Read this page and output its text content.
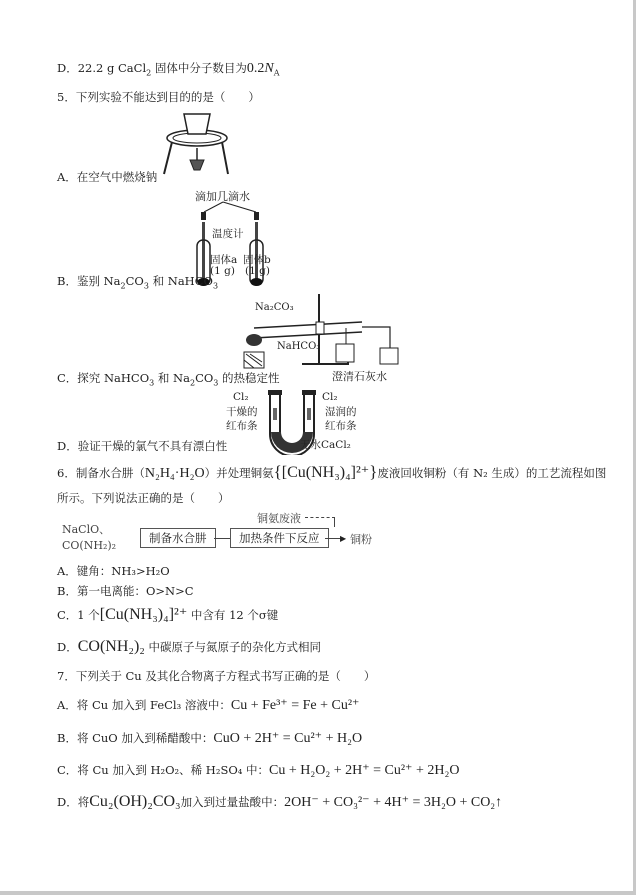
D．22.2 g CaCl$_2$ 固体中分子数目为$0.2N_A$
5．下列实验不能达到目的的是（　　）
A．在空气中燃烧钠
滴加几滴水
温度计
固体a
(1 g)
固体b
(1 g)
B．鉴别 $Na_2CO_3$ 和 NaHCO$_3$
Na₂CO₃
NaHCO₃
澄清石灰水
C．探究 NaHCO$_3$ 和 $Na_2CO_3$ 的热稳定性
Cl₂	Cl₂
干燥的
红布条
湿润的
红布条
无水CaCl₂
D．验证干燥的氯气不具有漂白性
6．制备水合肼（N₂H₄·H₂O）并处理铜氨{[Cu(NH₃)₄]²⁺}废液回收铜粉（有 N₂ 生成）的工艺流程如图
所示。下列说法正确的是（　　）
NaClO、
CO(NH₂)₂
制备水合肼	加热条件下反应
铜氨废液
▶ 铜粉
A．键角：NH₃>H₂O
B．第一电离能：O>N>C
C．1 个[Cu(NH₃)₄]²⁺ 中含有 12 个σ键
D．CO(NH₂)₂ 中碳原子与氮原子的杂化方式相同
7．下列关于 Cu 及其化合物离子方程式书写正确的是（　　）
A．将 Cu 加入到 FeCl₃ 溶液中：Cu + Fe³⁺ = Fe + Cu²⁺
B．将 CuO 加入到稀醋酸中：CuO + 2H⁺ = Cu²⁺ + H₂O
C．将 Cu 加入到 H₂O₂、稀 H₂SO₄ 中：Cu + H₂O₂ + 2H⁺ = Cu²⁺ + 2H₂O
D．将Cu₂(OH)₂CO₃加入到过量盐酸中：2OH⁻ + CO₃²⁻ + 4H⁺ = 3H₂O + CO₂↑
